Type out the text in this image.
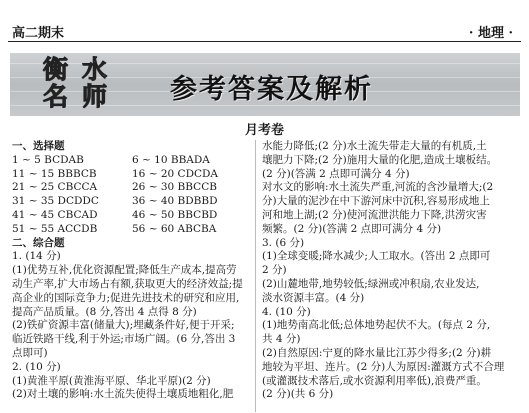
高二期末	· 地理 ·
衡 水
名 师 参考答案及解析
月考卷

一、选择题

1 ~ 5 BCDAB	6 ~ 10 BBADA
11 ~ 15 BBBCB	16 ~ 20 CDCDA
21 ~ 25 CBCCA	26 ~ 30 BBCCB
31 ~ 35 DCDDC	36 ~ 40 BDBBD
41 ~ 45 CBCAD	46 ~ 50 BBCBD
51 ~ 55 ACCDB	56 ~ 60 ABCBA

二、综合题

1. (14 分)

(1)优势互补,优化资源配置;降低生产成本,提高劳

动生产率,扩大市场占有额,获取更大的经济效益;提

高企业的国际竞争力;促进先进技术的研究和应用,

提高产品质量。(8 分,答出 4 点得 8 分)

(2)铁矿资源丰富(储量大);埋藏条件好,便于开采;

临近铁路干线,利于外运;市场广阔。(6 分,答出 3

点即可)

2. (10 分)

(1)黄淮平原(黄淮海平原、华北平原)(2 分)

(2)对土壤的影响:水土流失使得土壤质地粗化,肥

水能力降低;(2 分)水土流失带走大量的有机质,土

壤肥力下降;(2 分)施用大量的化肥,造成土壤板结。

(2 分)(答满 2 点即可满分 4 分)

对水文的影响:水土流失严重,河流的含沙量增大;(2

分)大量的泥沙在中下游河床中沉积,容易形成地上

河和地上湖;(2 分)使河流泄洪能力下降,洪涝灾害

频繁。(2 分)(答满 2 点即可满分 4 分)

3. (6 分)

(1)全球变暖;降水减少;人工取水。(答出 2 点即可

2 分)

(2)山麓地带,地势较低;绿洲或冲积扇,农业发达,

淡水资源丰富。(4 分)

4. (10 分)

(1)地势南高北低;总体地势起伏不大。(每点 2 分,

共 4 分)

(2)自然原因:宁夏的降水量比江苏少得多;(2 分)耕

地较为平坦、连片。(2 分)人为原因:灌溉方式不合理

(或灌溉技术落后,或水资源利用率低),浪费严重。

(2 分)(共 6 分)
